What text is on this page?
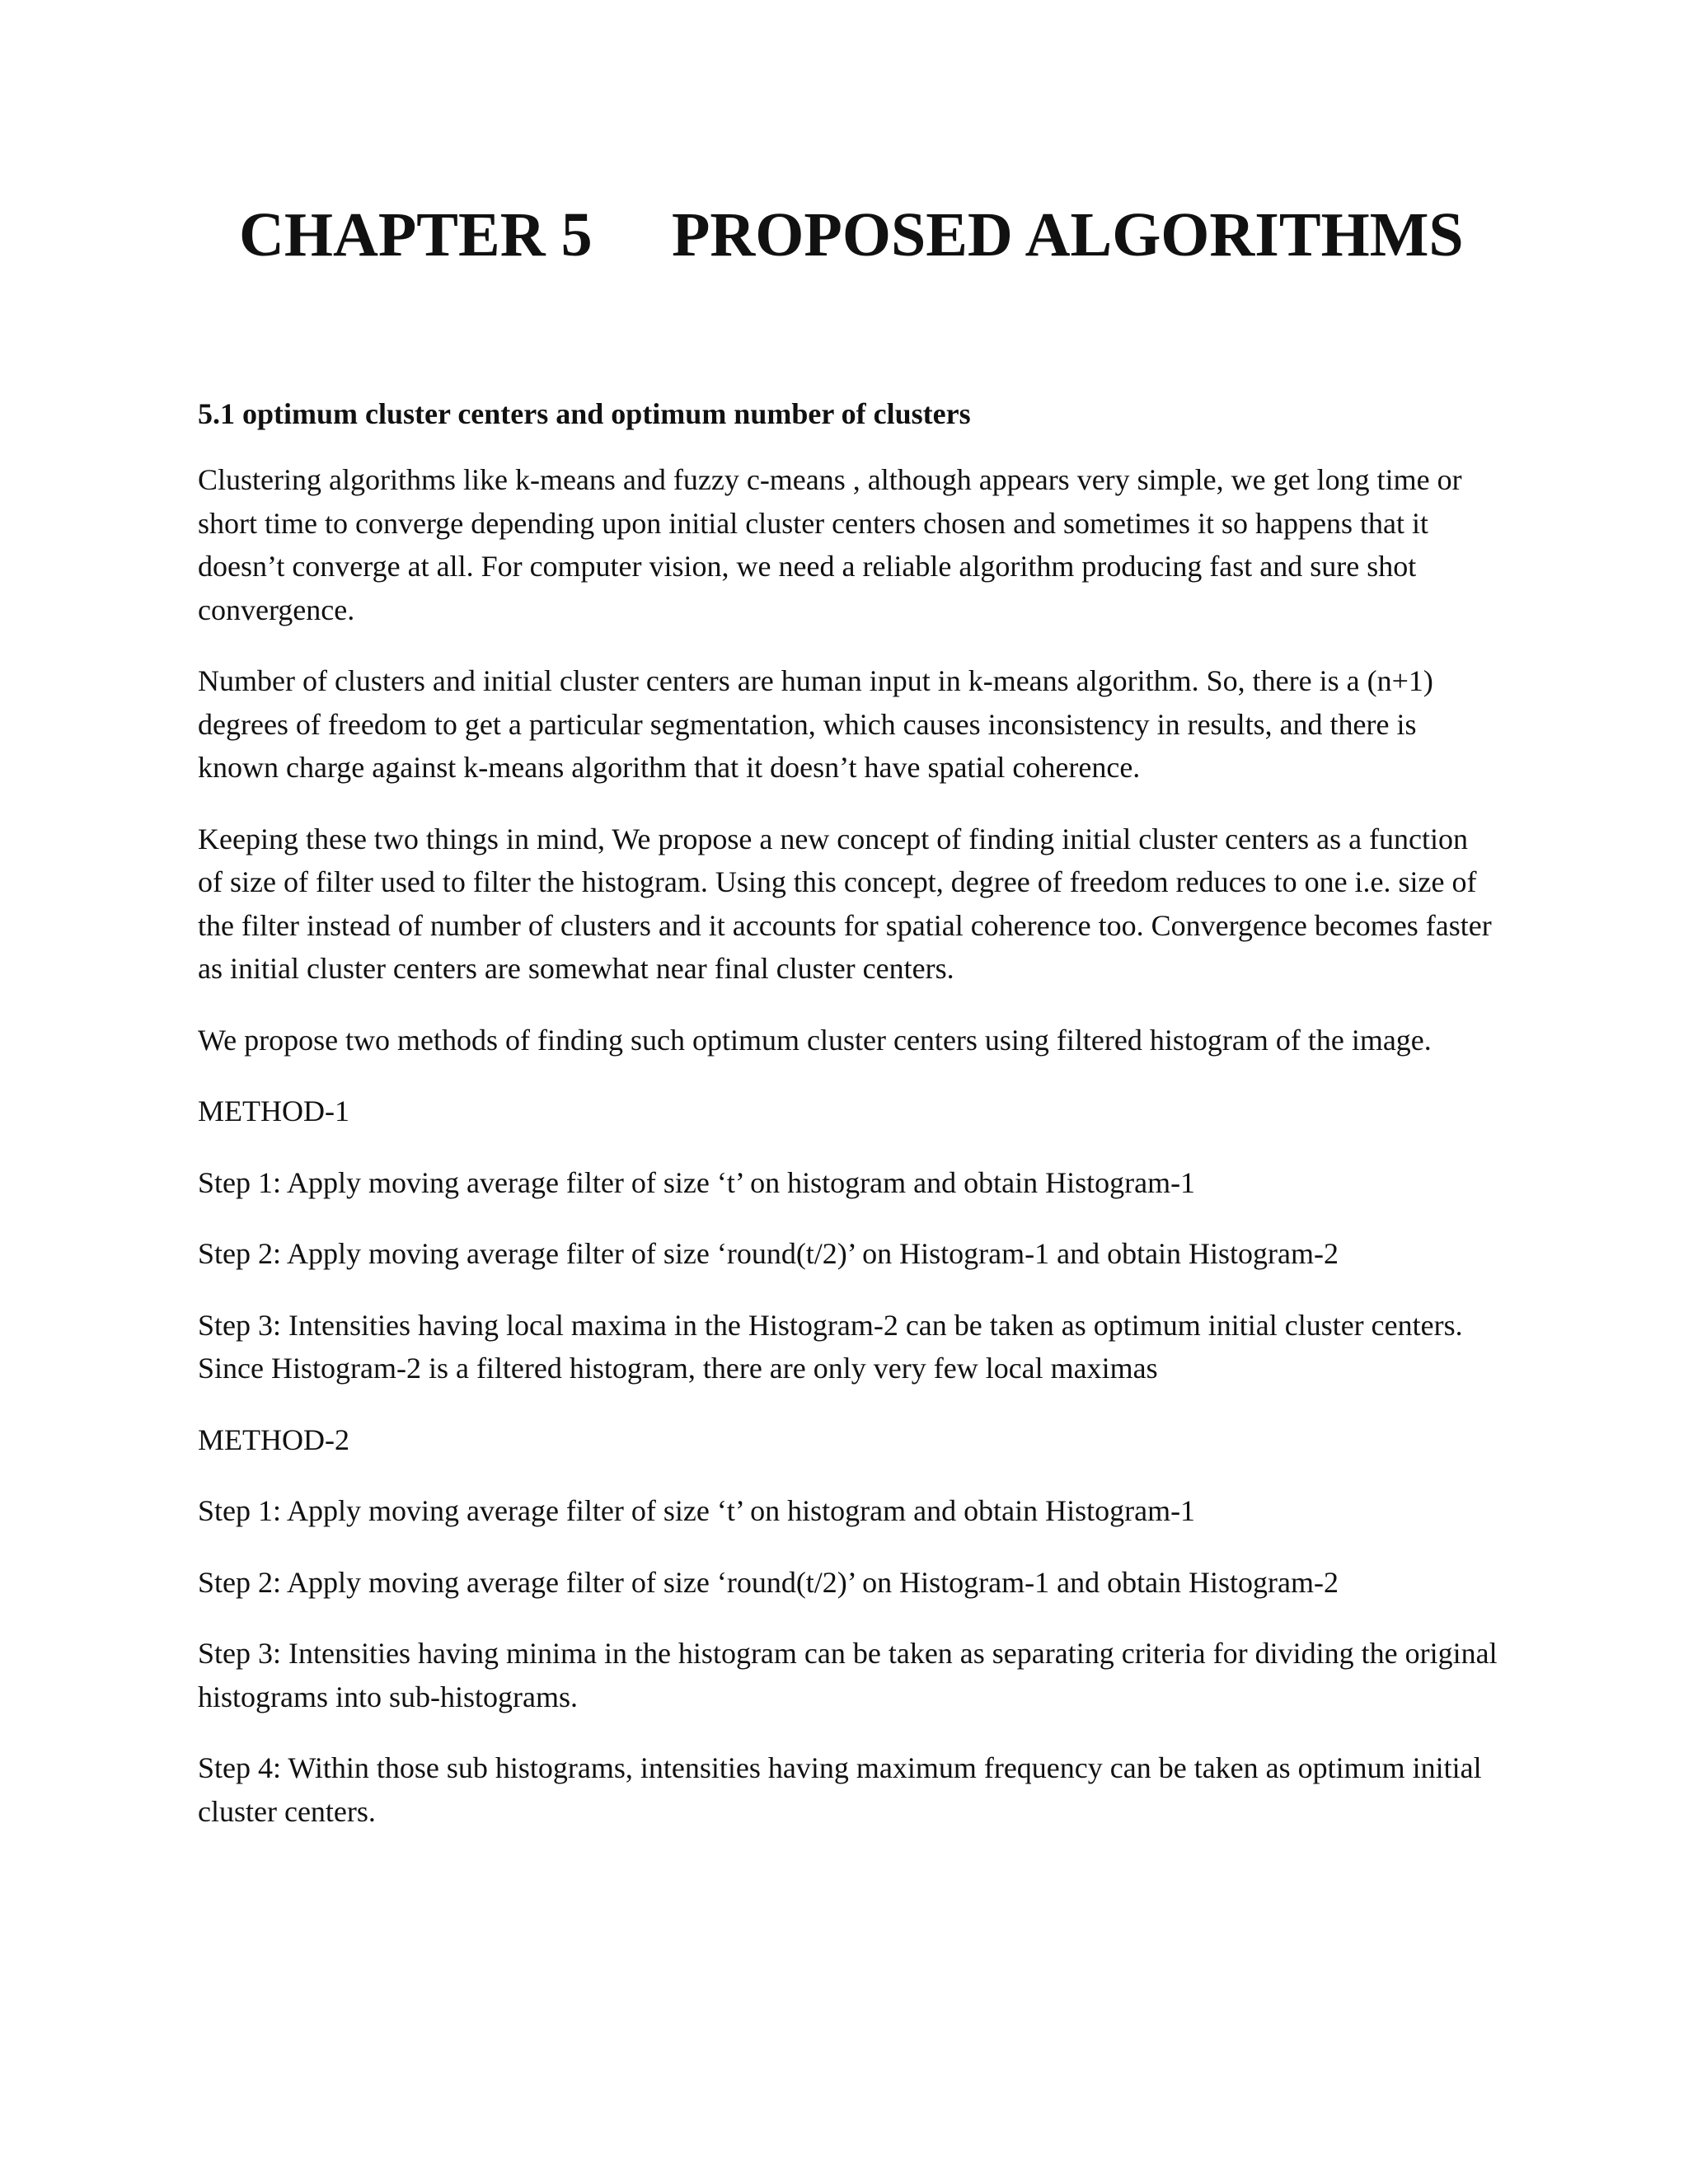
CHAPTER 5 PROPOSED ALGORITHMS
5.1 optimum cluster centers and optimum number of clusters

Clustering algorithms like k-means and fuzzy c-means , although appears very simple, we get long time or short time to converge depending upon initial cluster centers chosen and sometimes it so happens that it doesn’t converge at all. For computer vision, we need a reliable algorithm producing fast and sure shot convergence.

Number of clusters and initial cluster centers are human input in k-means algorithm. So, there is a (n+1) degrees of freedom to get a particular segmentation, which causes inconsistency in results, and there is known charge against k-means algorithm that it doesn’t have spatial coherence.

Keeping these two things in mind, We propose a new concept of finding initial cluster centers as a function of size of filter used to filter the histogram. Using this concept, degree of freedom reduces to one i.e. size of the filter instead of number of clusters and it accounts for spatial coherence too. Convergence becomes faster as initial cluster centers are somewhat near final cluster centers.

We propose two methods of finding such optimum cluster centers using filtered histogram of the image.

METHOD-1

Step 1: Apply moving average filter of size ‘t’ on histogram and obtain Histogram-1

Step 2: Apply moving average filter of size ‘round(t/2)’ on Histogram-1 and obtain Histogram-2

Step 3: Intensities having local maxima in the Histogram-2 can be taken as optimum initial cluster centers. Since Histogram-2 is a filtered histogram, there are only very few local maximas

METHOD-2

Step 1: Apply moving average filter of size ‘t’ on histogram and obtain Histogram-1

Step 2: Apply moving average filter of size ‘round(t/2)’ on Histogram-1 and obtain Histogram-2

Step 3: Intensities having minima in the histogram can be taken as separating criteria for dividing the original histograms into sub-histograms.

Step 4: Within those sub histograms, intensities having maximum frequency can be taken as optimum initial cluster centers.
